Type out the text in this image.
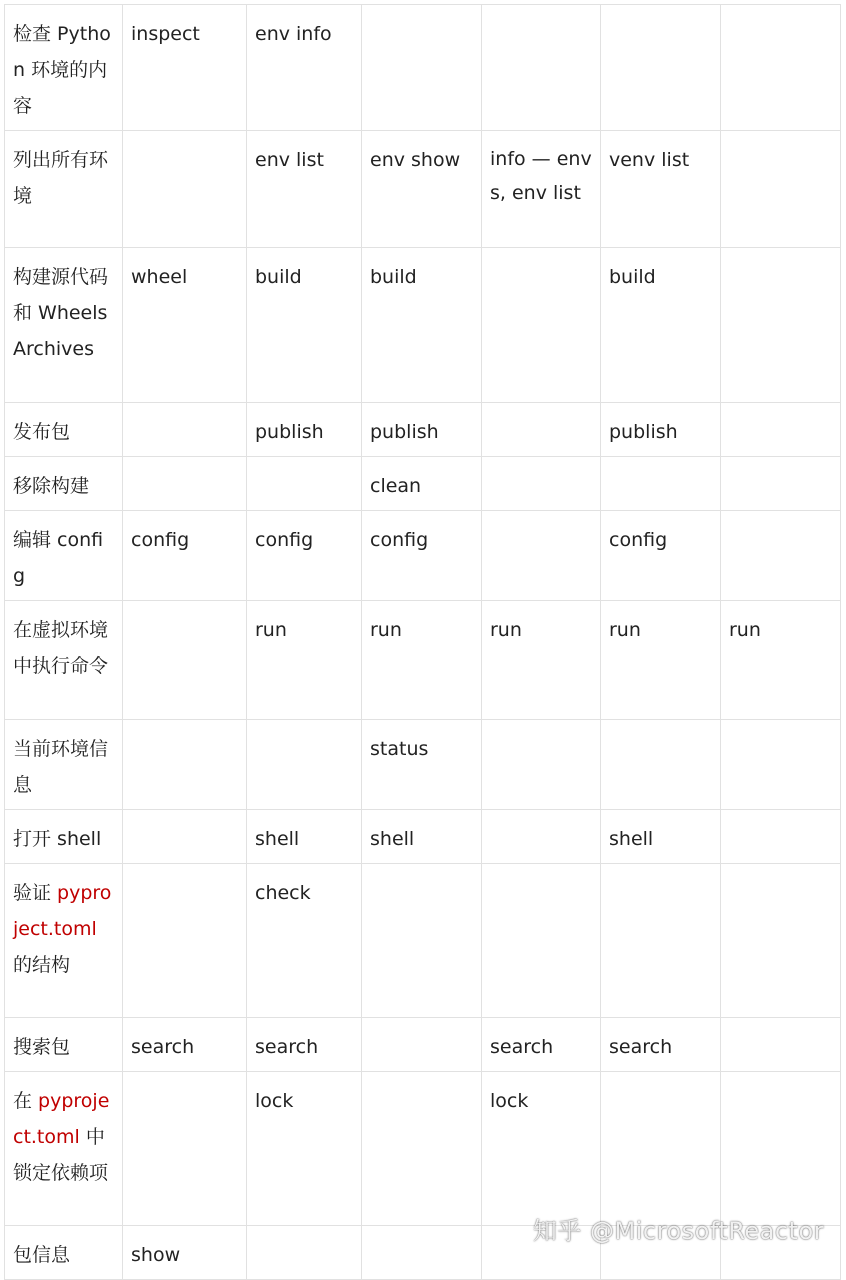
检查 Python 环境的内容	inspect	env info				
列出所有环境		env list	env show	info — envs, env list	venv list	
构建源代码和 Wheels Archives	wheel	build	build		build	
发布包		publish	publish		publish	
移除构建			clean			
编辑 config	config	config	config		config	
在虚拟环境中执行命令		run	run	run	run	run
当前环境信息			status			
打开 shell		shell	shell		shell	
验证 pyproject.toml 的结构		check				
搜索包	search	search		search	search	
在 pyproject.toml 中锁定依赖项		lock		lock		
包信息	show					
知乎 @MicrosoftReactor
